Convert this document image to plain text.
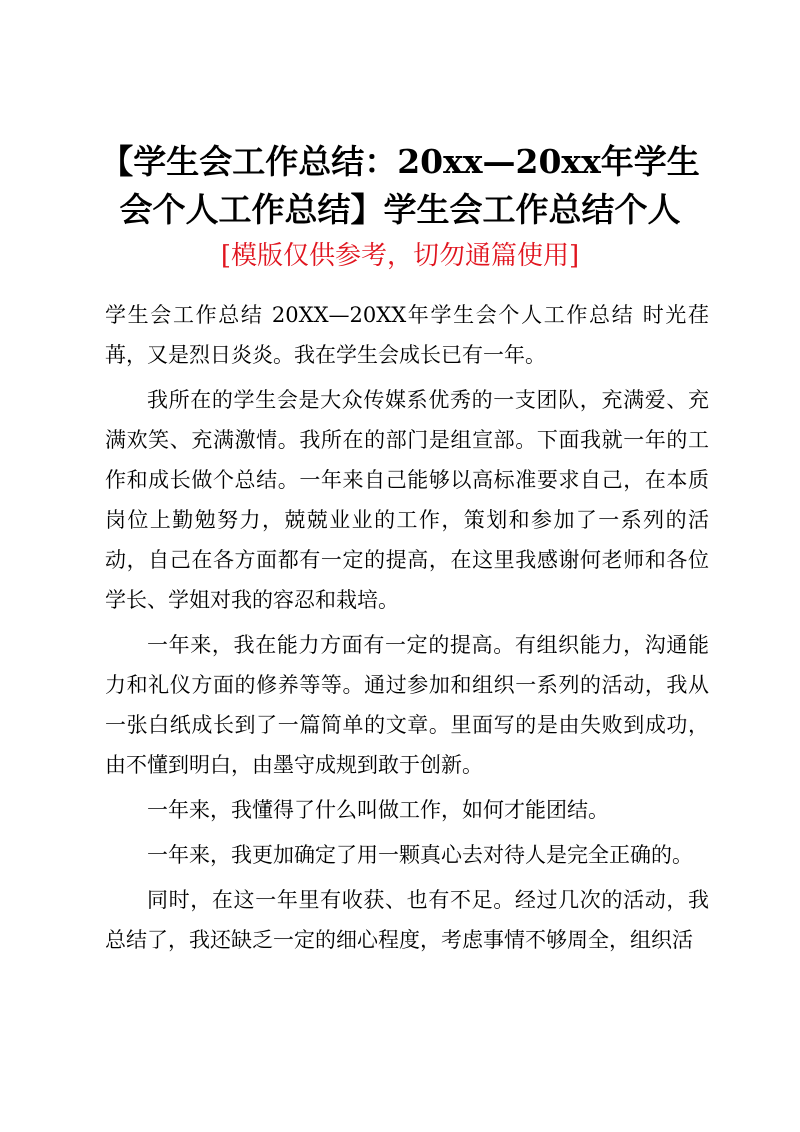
【学生会工作总结：20xx—20xx年学生会个人工作总结】学生会工作总结个人

[模版仅供参考，切勿通篇使用]

学生会工作总结 20XX—20XX年学生会个人工作总结 时光荏苒，又是烈日炎炎。我在学生会成长已有一年。

我所在的学生会是大众传媒系优秀的一支团队，充满爱、充满欢笑、充满激情。我所在的部门是组宣部。下面我就一年的工作和成长做个总结。一年来自己能够以高标准要求自己，在本质岗位上勤勉努力，兢兢业业的工作，策划和参加了一系列的活动，自己在各方面都有一定的提高，在这里我感谢何老师和各位学长、学姐对我的容忍和栽培。

一年来，我在能力方面有一定的提高。有组织能力，沟通能力和礼仪方面的修养等等。通过参加和组织一系列的活动，我从一张白纸成长到了一篇简单的文章。里面写的是由失败到成功，由不懂到明白，由墨守成规到敢于创新。

一年来，我懂得了什么叫做工作，如何才能团结。

一年来，我更加确定了用一颗真心去对待人是完全正确的。

同时，在这一年里有收获、也有不足。经过几次的活动，我总结了，我还缺乏一定的细心程度，考虑事情不够周全，组织活
